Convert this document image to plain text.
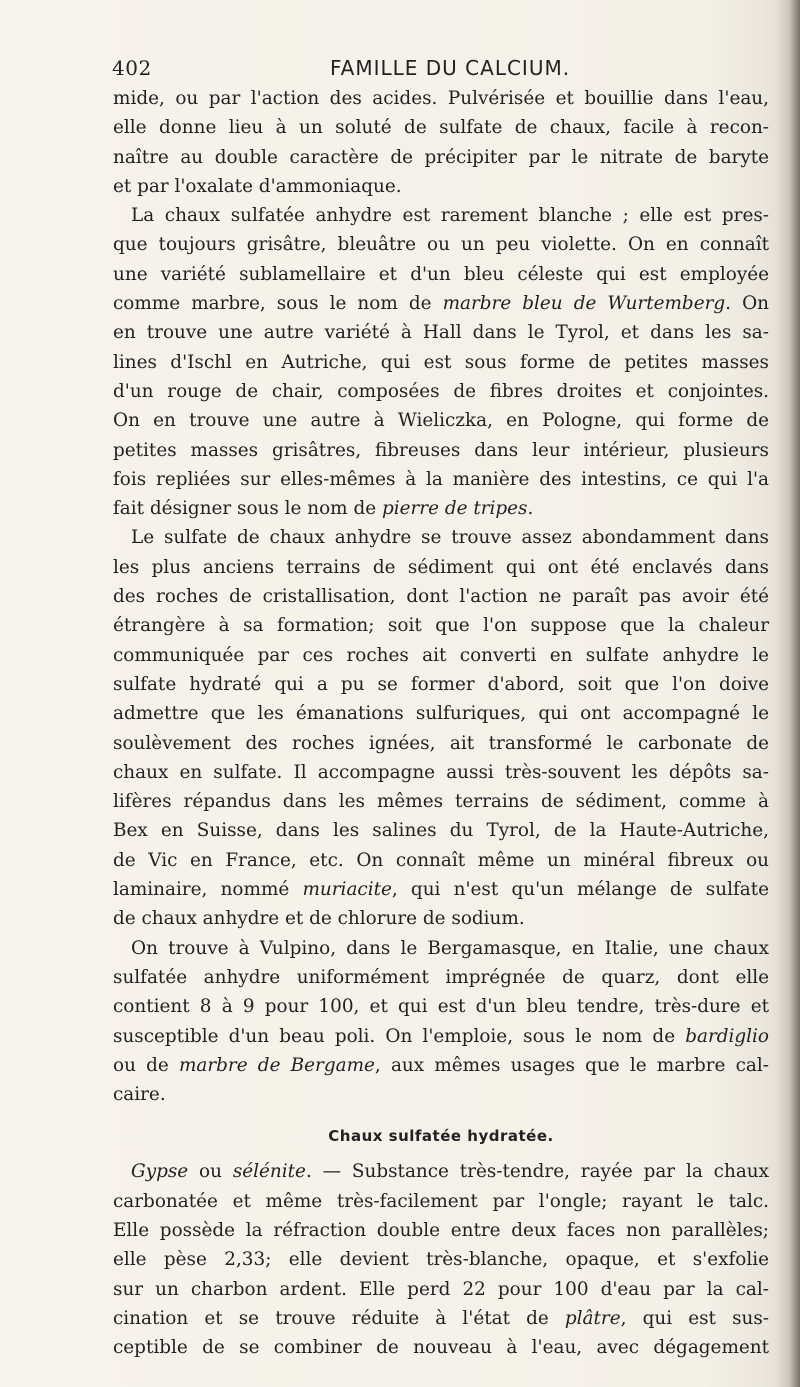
402	FAMILLE DU CALCIUM.
mide, ou par l'action des acides. Pulvérisée et bouillie dans l'eau,
elle donne lieu à un soluté de sulfate de chaux, facile à recon-
naître au double caractère de précipiter par le nitrate de baryte
et par l'oxalate d'ammoniaque.
La chaux sulfatée anhydre est rarement blanche ; elle est pres-
que toujours grisâtre, bleuâtre ou un peu violette. On en connaît
une variété sublamellaire et d'un bleu céleste qui est employée
comme marbre, sous le nom de marbre bleu de Wurtemberg. On
en trouve une autre variété à Hall dans le Tyrol, et dans les sa-
lines d'Ischl en Autriche, qui est sous forme de petites masses
d'un rouge de chair, composées de fibres droites et conjointes.
On en trouve une autre à Wieliczka, en Pologne, qui forme de
petites masses grisâtres, fibreuses dans leur intérieur, plusieurs
fois repliées sur elles-mêmes à la manière des intestins, ce qui l'a
fait désigner sous le nom de pierre de tripes.
Le sulfate de chaux anhydre se trouve assez abondamment dans
les plus anciens terrains de sédiment qui ont été enclavés dans
des roches de cristallisation, dont l'action ne paraît pas avoir été
étrangère à sa formation; soit que l'on suppose que la chaleur
communiquée par ces roches ait converti en sulfate anhydre le
sulfate hydraté qui a pu se former d'abord, soit que l'on doive
admettre que les émanations sulfuriques, qui ont accompagné le
soulèvement des roches ignées, ait transformé le carbonate de
chaux en sulfate. Il accompagne aussi très-souvent les dépôts sa-
lifères répandus dans les mêmes terrains de sédiment, comme à
Bex en Suisse, dans les salines du Tyrol, de la Haute-Autriche,
de Vic en France, etc. On connaît même un minéral fibreux ou
laminaire, nommé muriacite, qui n'est qu'un mélange de sulfate
de chaux anhydre et de chlorure de sodium.
On trouve à Vulpino, dans le Bergamasque, en Italie, une chaux
sulfatée anhydre uniformément imprégnée de quarz, dont elle
contient 8 à 9 pour 100, et qui est d'un bleu tendre, très-dure et
susceptible d'un beau poli. On l'emploie, sous le nom de bardiglio
ou de marbre de Bergame, aux mêmes usages que le marbre cal-
caire.
Chaux sulfatée hydratée.
Gypse ou sélénite. — Substance très-tendre, rayée par la chaux
carbonatée et même très-facilement par l'ongle; rayant le talc.
Elle possède la réfraction double entre deux faces non parallèles;
elle pèse 2,33; elle devient très-blanche, opaque, et s'exfolie
sur un charbon ardent. Elle perd 22 pour 100 d'eau par la cal-
cination et se trouve réduite à l'état de plâtre, qui est sus-
ceptible de se combiner de nouveau à l'eau, avec dégagement
